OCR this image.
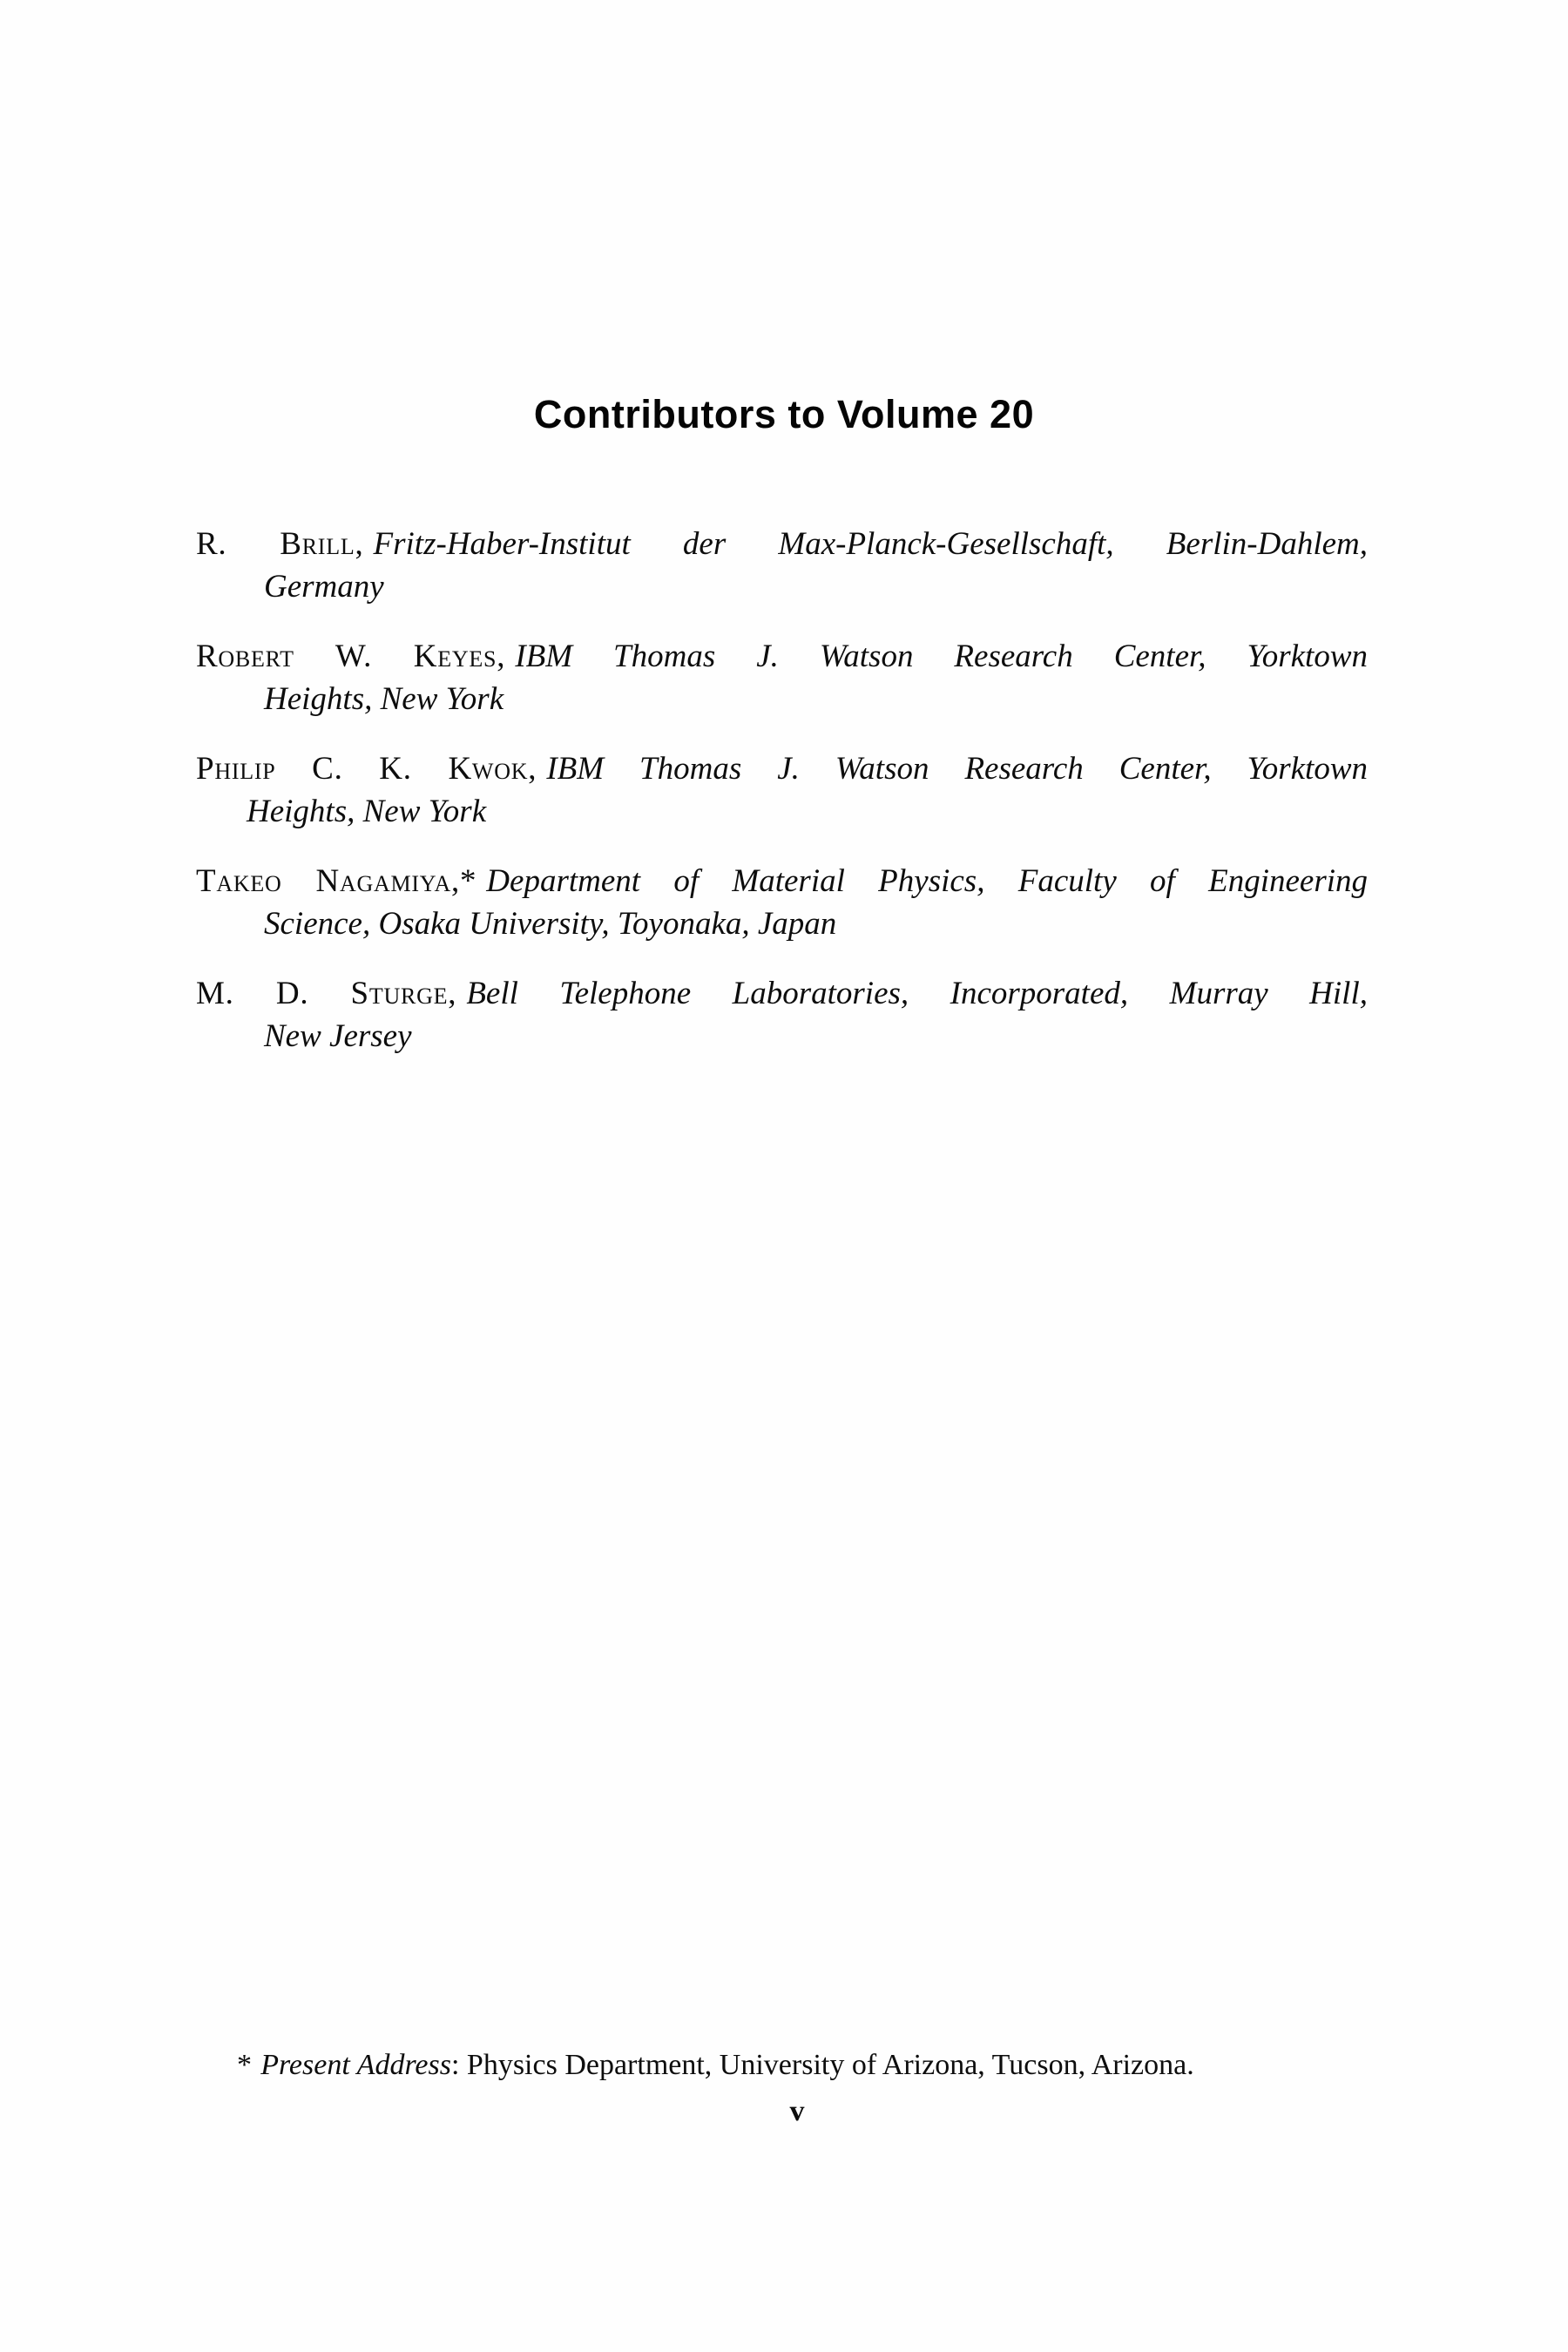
Contributors to Volume 20
R. Brill, Fritz-Haber-Institut der Max-Planck-Gesellschaft, Berlin-Dahlem,
Germany
Robert W. Keyes, IBM Thomas J. Watson Research Center, Yorktown
Heights, New York
Philip C. K. Kwok, IBM Thomas J. Watson Research Center, Yorktown
Heights, New York
Takeo Nagamiya,* Department of Material Physics, Faculty of Engineering
Science, Osaka University, Toyonaka, Japan
M. D. Sturge, Bell Telephone Laboratories, Incorporated, Murray Hill,
New Jersey
* Present Address: Physics Department, University of Arizona, Tucson, Arizona.
v
